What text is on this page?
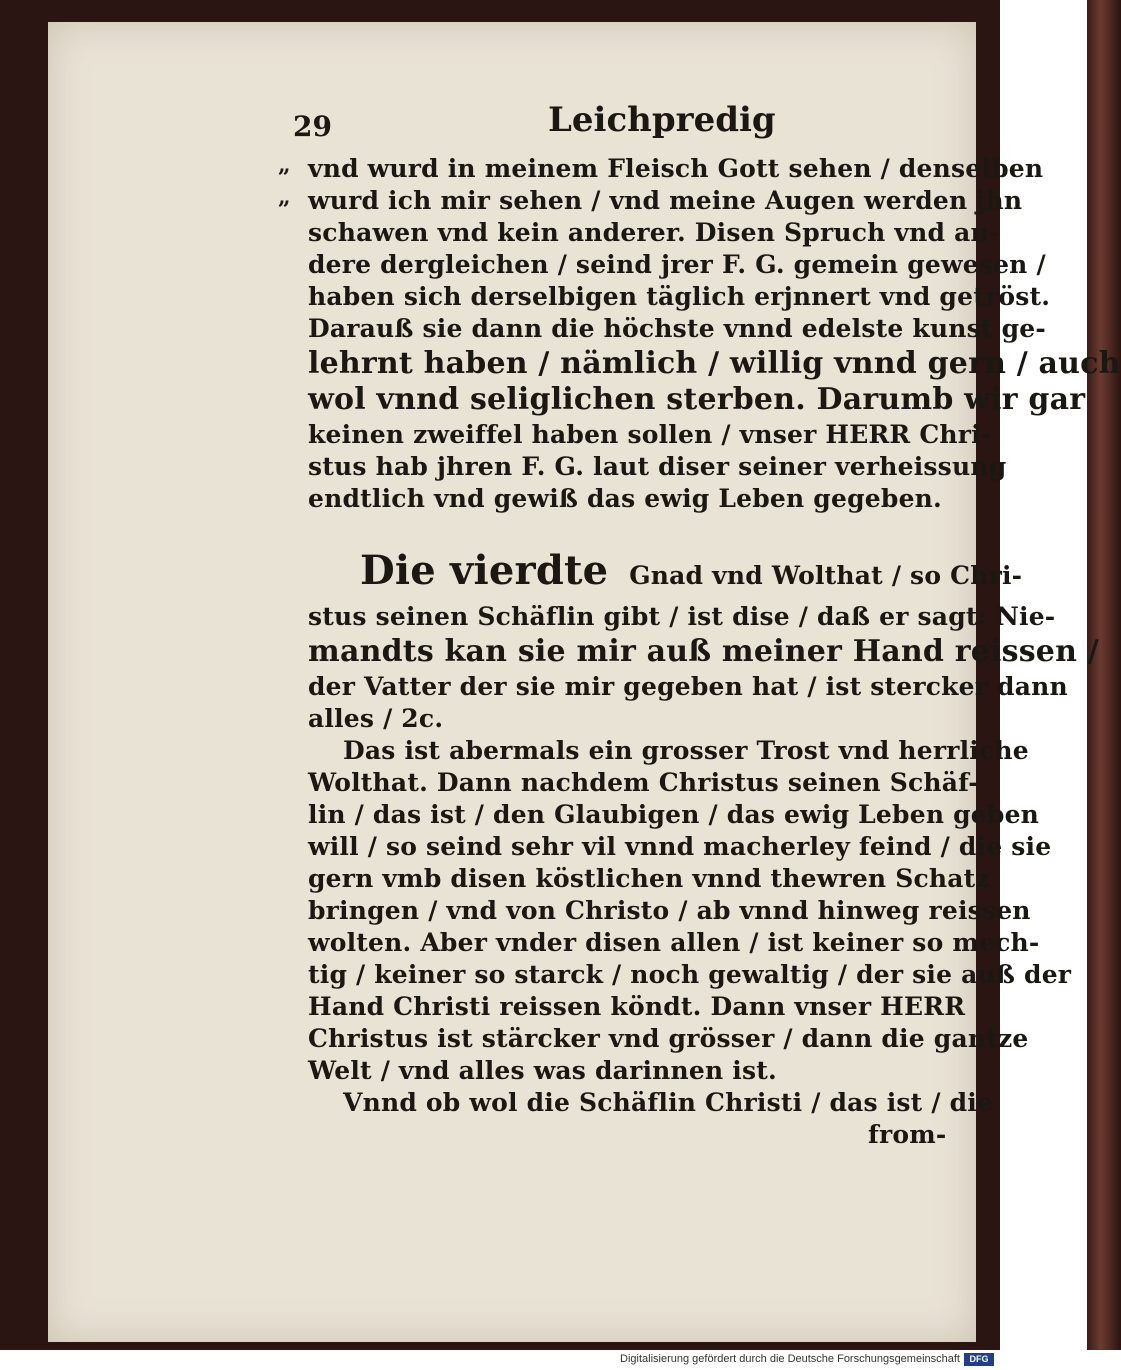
29	Leichpredig
„
„
vnd wurd in meinem Fleisch Gott sehen / denselben
wurd ich mir sehen / vnd meine Augen werden jhn
schawen vnd kein anderer. Disen Spruch vnd an-
dere dergleichen / seind jrer F. G. gemein gewesen /
haben sich derselbigen täglich erjnnert vnd getröst.
Darauß sie dann die höchste vnnd edelste kunst ge-
lehrnt haben / nämlich / willig vnnd gern / auch
wol vnnd seliglichen sterben. Darumb wir gar
keinen zweiffel haben sollen / vnser HERR Chri-
stus hab jhren F. G. laut diser seiner verheissung
endtlich vnd gewiß das ewig Leben gegeben.
Die vierdte Gnad vnd Wolthat / so Chri-
stus seinen Schäflin gibt / ist dise / daß er sagt: Nie-
mandts kan sie mir auß meiner Hand reissen /
der Vatter der sie mir gegeben hat / ist stercker dann
alles / 2c.
Das ist abermals ein grosser Trost vnd herrliche
Wolthat. Dann nachdem Christus seinen Schäf-
lin / das ist / den Glaubigen / das ewig Leben geben
will / so seind sehr vil vnnd macherley feind / die sie
gern vmb disen köstlichen vnnd thewren Schatz
bringen / vnd von Christo / ab vnnd hinweg reissen
wolten. Aber vnder disen allen / ist keiner so mech-
tig / keiner so starck / noch gewaltig / der sie auß der
Hand Christi reissen köndt. Dann vnser HERR
Christus ist stärcker vnd grösser / dann die gantze
Welt / vnd alles was darinnen ist.
Vnnd ob wol die Schäflin Christi / das ist / die
from-
Digitalisierung gefördert durch die Deutsche Forschungsgemeinschaft	DFG
